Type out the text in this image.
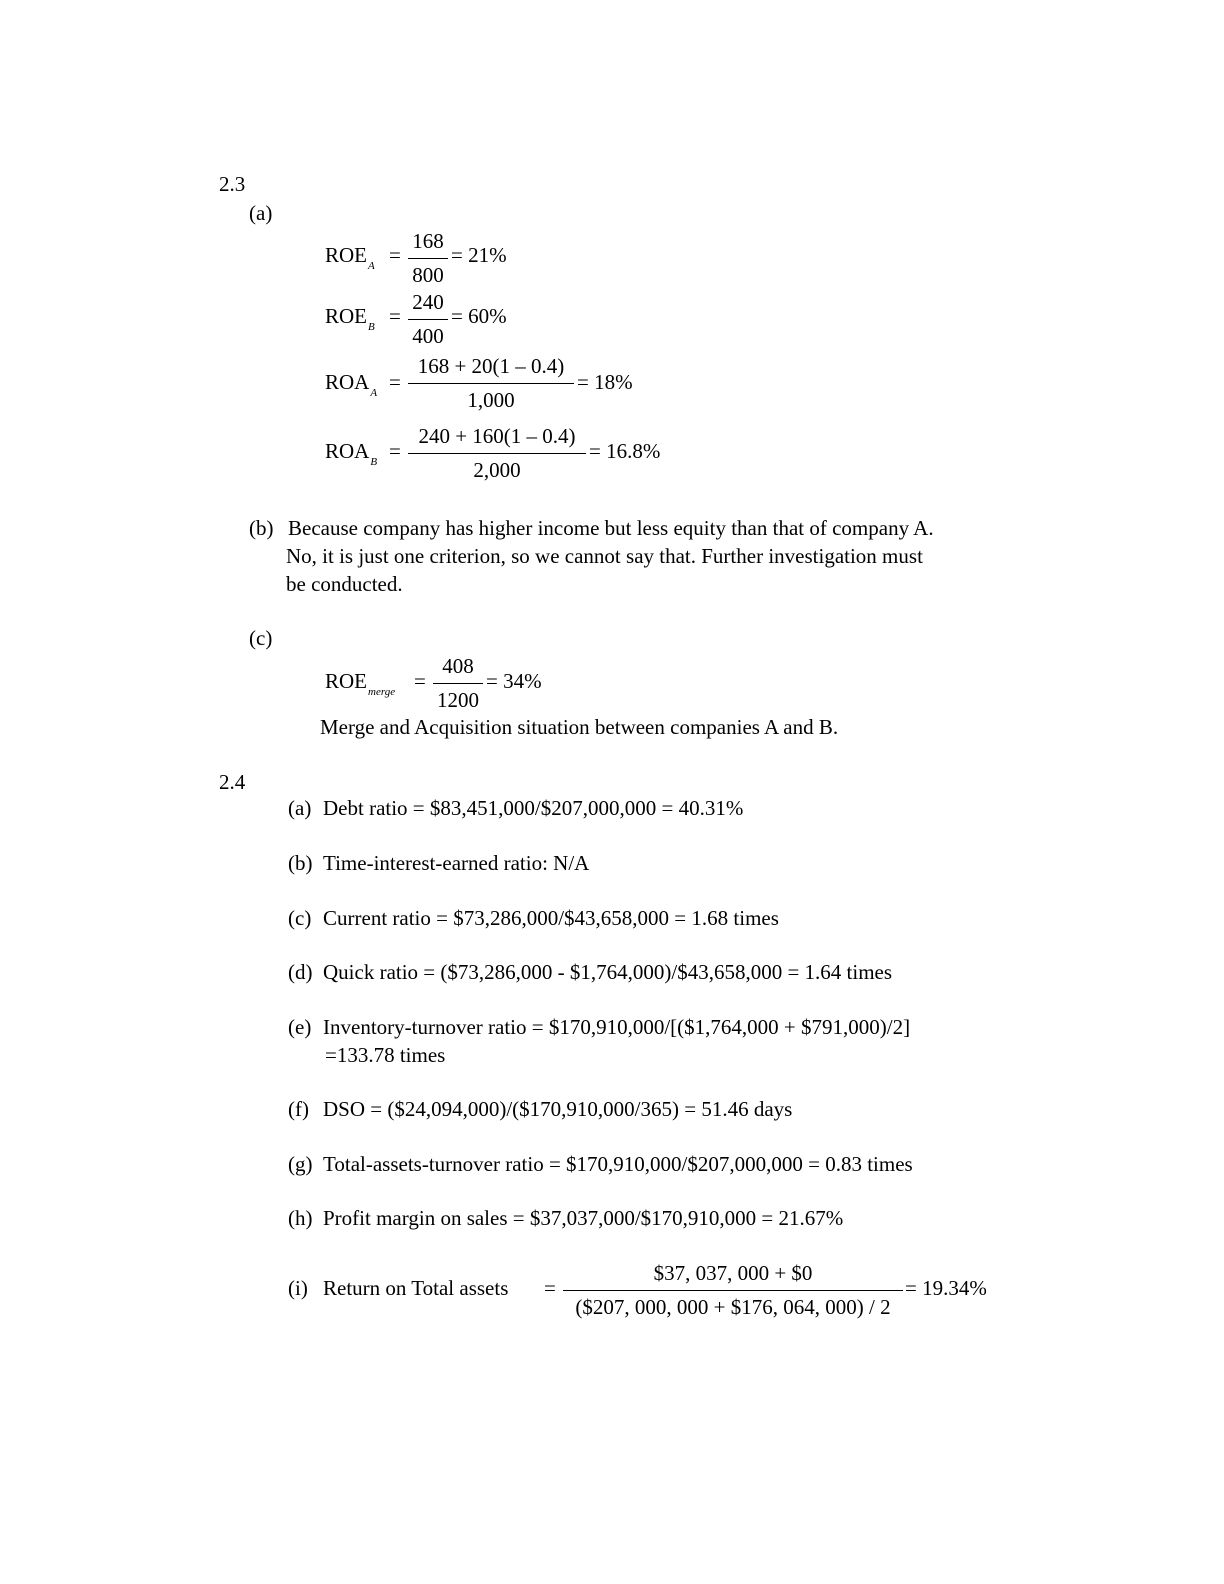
2.3
(a)
$ROE_A$ =
168
800
= 21%
$ROE_B$ =
240
400
= 60%
$ROA_A$ =
168 + 20(1 – 0.4)
1,000
= 18%
$ROA_B$ =
240 + 160(1 – 0.4)
2,000
= 16.8%
(b) Because company has higher income but less equity than that of company A.
No, it is just one criterion, so we cannot say that. Further investigation must
be conducted.
(c)
$ROE_{merge}$ =
408
1200
= 34%
Merge and Acquisition situation between companies A and B.
2.4
(a) Debt ratio = $83,451,000/$207,000,000 = 40.31%
(b) Time-interest-earned ratio: N/A
(c) Current ratio = $73,286,000/$43,658,000 = 1.68 times
(d) Quick ratio = ($73,286,000 - $1,764,000)/$43,658,000 = 1.64 times
(e) Inventory-turnover ratio = $170,910,000/[($1,764,000 + $791,000)/2]
=133.78 times
(f) DSO = ($24,094,000)/($170,910,000/365) = 51.46 days
(g) Total-assets-turnover ratio = $170,910,000/$207,000,000 = 0.83 times
(h) Profit margin on sales = $37,037,000/$170,910,000 = 21.67%
(i) Return on Total assets =
$37, 037, 000 + $0
($207, 000, 000 + $176, 064, 000) / 2
= 19.34%
